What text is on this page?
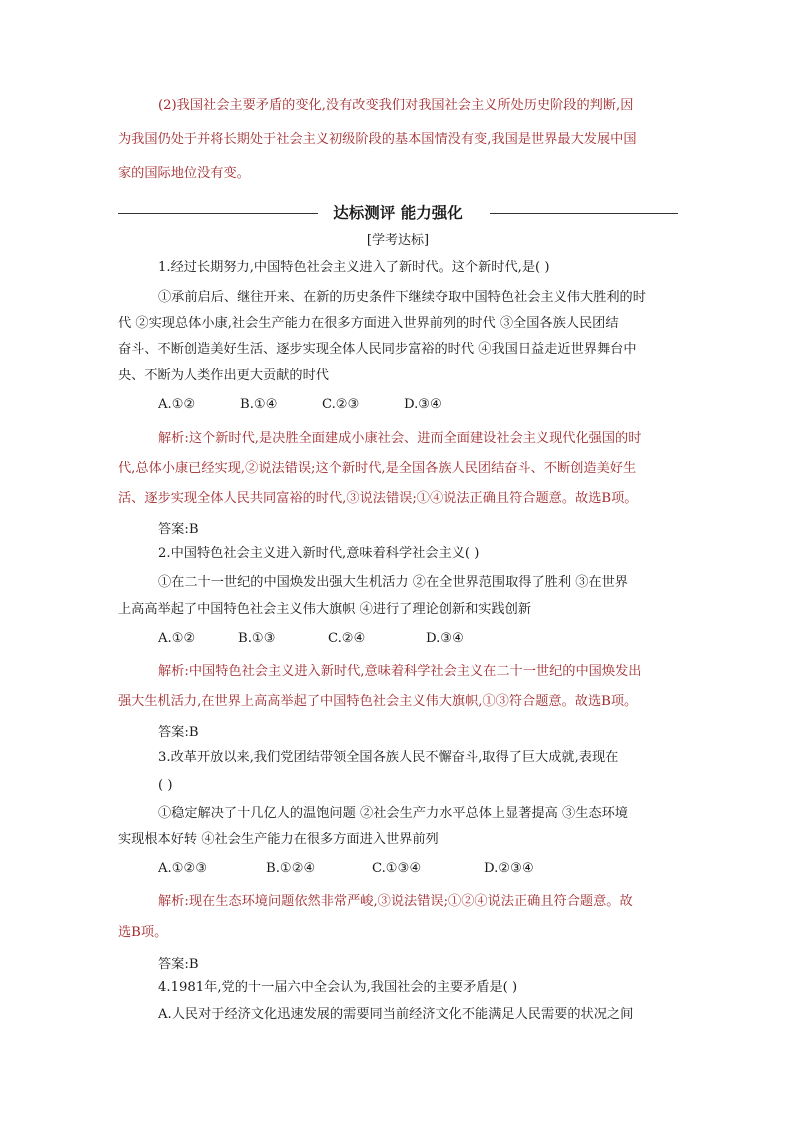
(2)我国社会主要矛盾的变化,没有改变我们对我国社会主义所处历史阶段的判断,因
为我国仍处于并将长期处于社会主义初级阶段的基本国情没有变,我国是世界最大发展中国
家的国际地位没有变。
达标测评 能力强化
[学考达标]
1.经过长期努力,中国特色社会主义进入了新时代。这个新时代,是( )
①承前启后、继往开来、在新的历史条件下继续夺取中国特色社会主义伟大胜利的时
代 ②实现总体小康,社会生产能力在很多方面进入世界前列的时代 ③全国各族人民团结
奋斗、不断创造美好生活、逐步实现全体人民同步富裕的时代 ④我国日益走近世界舞台中
央、不断为人类作出更大贡献的时代
A.①②	B.①④	C.②③	D.③④
解析:这个新时代,是决胜全面建成小康社会、进而全面建设社会主义现代化强国的时
代,总体小康已经实现,②说法错误;这个新时代,是全国各族人民团结奋斗、不断创造美好生
活、逐步实现全体人民共同富裕的时代,③说法错误;①④说法正确且符合题意。故选B项。
答案:B
2.中国特色社会主义进入新时代,意味着科学社会主义( )
①在二十一世纪的中国焕发出强大生机活力 ②在全世界范围取得了胜利 ③在世界
上高高举起了中国特色社会主义伟大旗帜 ④进行了理论创新和实践创新
A.①②	B.①③	C.②④	D.③④
解析:中国特色社会主义进入新时代,意味着科学社会主义在二十一世纪的中国焕发出
强大生机活力,在世界上高高举起了中国特色社会主义伟大旗帜,①③符合题意。故选B项。
答案:B
3.改革开放以来,我们党团结带领全国各族人民不懈奋斗,取得了巨大成就,表现在
( )
①稳定解决了十几亿人的温饱问题 ②社会生产力水平总体上显著提高 ③生态环境
实现根本好转 ④社会生产能力在很多方面进入世界前列
A.①②③	B.①②④	C.①③④	D.②③④
解析:现在生态环境问题依然非常严峻,③说法错误;①②④说法正确且符合题意。故
选B项。
答案:B
4.1981年,党的十一届六中全会认为,我国社会的主要矛盾是( )
A.人民对于经济文化迅速发展的需要同当前经济文化不能满足人民需要的状况之间
